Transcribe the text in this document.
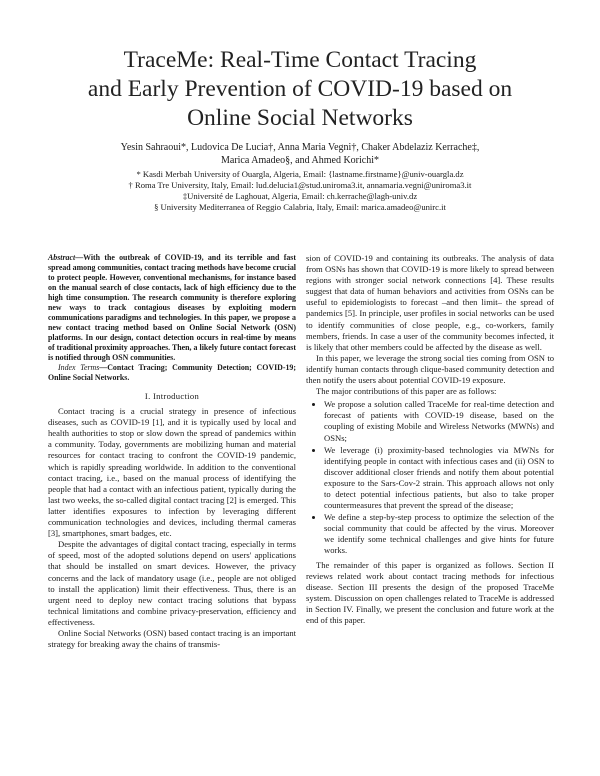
TraceMe: Real-Time Contact Tracing
and Early Prevention of COVID-19 based on
Online Social Networks
Yesin Sahraoui*, Ludovica De Lucia†, Anna Maria Vegni†, Chaker Abdelaziz Kerrache‡,
Marica Amadeo§, and Ahmed Korichi*
* Kasdi Merbah University of Ouargla, Algeria, Email: {lastname.firstname}@univ-ouargla.dz
† Roma Tre University, Italy, Email: lud.delucia1@stud.uniroma3.it, annamaria.vegni@uniroma3.it
‡Université de Laghouat, Algeria, Email: ch.kerrache@lagh-univ.dz
§ University Mediterranea of Reggio Calabria, Italy, Email: marica.amadeo@unirc.it
Abstract—With the outbreak of COVID-19, and its terrible and fast spread among communities, contact tracing methods have become crucial to protect people. However, conventional mechanisms, for instance based on the manual search of close contacts, lack of high efficiency due to the high time consumption. The research community is therefore exploring new ways to track contagious diseases by exploiting modern communications paradigms and technologies. In this paper, we propose a new contact tracing method based on Online Social Network (OSN) platforms. In our design, contact detection occurs in real-time by means of traditional proximity approaches. Then, a likely future contact forecast is notified through OSN communities.
Index Terms—Contact Tracing; Community Detection; COVID-19; Online Social Networks.
I. Introduction

Contact tracing is a crucial strategy in presence of infectious diseases, such as COVID-19 [1], and it is typically used by local and health authorities to stop or slow down the spread of pandemics within a community. Today, governments are mobilizing human and material resources for contact tracing to confront the COVID-19 pandemic, which is rapidly spreading worldwide. In addition to the conventional contact tracing, i.e., based on the manual process of identifying the people that had a contact with an infectious patient, typically during the last two weeks, the so-called digital contact tracing [2] is emerged. This latter identifies exposures to infection by leveraging different communication technologies and devices, including thermal cameras [3], smartphones, smart badges, etc.

Despite the advantages of digital contact tracing, especially in terms of speed, most of the adopted solutions depend on users' applications that should be installed on smart devices. However, the privacy concerns and the lack of mandatory usage (i.e., people are not obliged to install the application) limit their effectiveness. Thus, there is an urgent need to deploy new contact tracing solutions that bypass technical limitations and combine privacy-preservation, efficiency and effectiveness.

Online Social Networks (OSN) based contact tracing is an important strategy for breaking away the chains of transmis-

sion of COVID-19 and containing its outbreaks. The analysis of data from OSNs has shown that COVID-19 is more likely to spread between regions with stronger social network connections [4]. These results suggest that data of human behaviors and activities from OSNs can be useful to epidemiologists to forecast –and then limit– the spread of pandemics [5]. In principle, user profiles in social networks can be used to identify communities of close people, e.g., co-workers, family members, friends. In case a user of the community becomes infected, it is likely that other members could be affected by the disease as well.

In this paper, we leverage the strong social ties coming from OSN to identify human contacts through clique-based community detection and then notify the users about potential COVID-19 exposure.

The major contributions of this paper are as follows:

• We propose a solution called TraceMe for real-time detection and forecast of patients with COVID-19 disease, based on the coupling of existing Mobile and Wireless Networks (MWNs) and OSNs;
• We leverage (i) proximity-based technologies via MWNs for identifying people in contact with infectious cases and (ii) OSN to discover additional closer friends and notify them about potential exposure to the Sars-Cov-2 strain. This approach allows not only to detect potential infectious patients, but also to take proper countermeasures that prevent the spread of the disease;
• We define a step-by-step process to optimize the selection of the social community that could be affected by the virus. Moreover we identify some technical challenges and give hints for future works.

The remainder of this paper is organized as follows. Section II reviews related work about contact tracing methods for infectious disease. Section III presents the design of the proposed TraceMe system. Discussion on open challenges related to TraceMe is addressed in Section IV. Finally, we present the conclusion and future work at the end of this paper.
